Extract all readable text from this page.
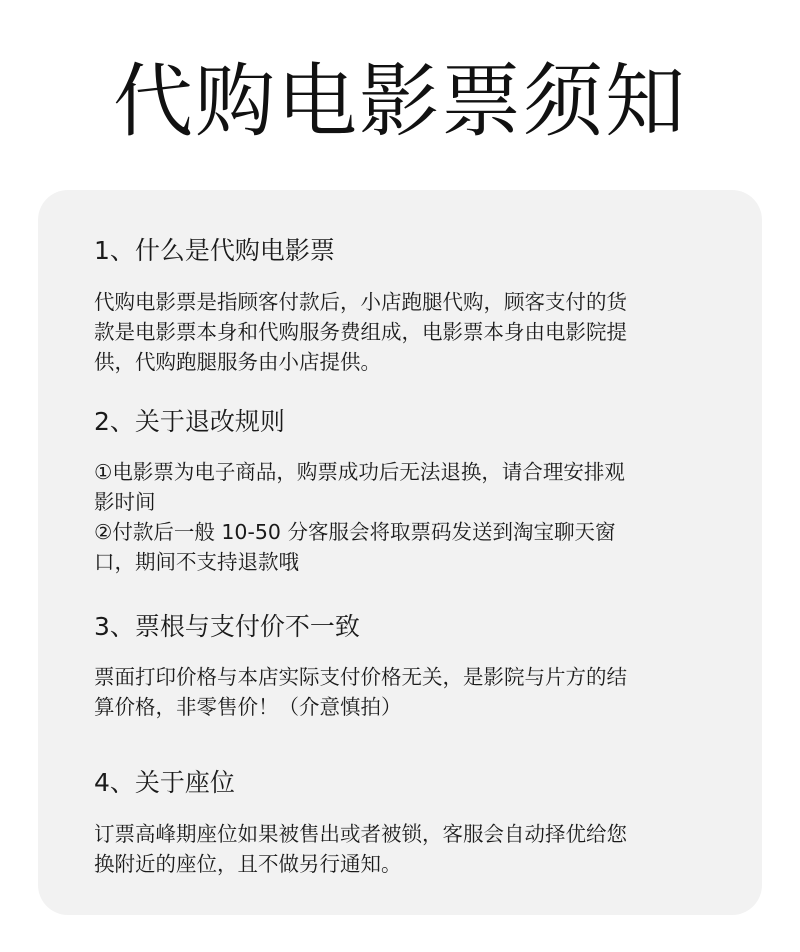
代购电影票须知
1、什么是代购电影票

代购电影票是指顾客付款后，小店跑腿代购，顾客支付的货
款是电影票本身和代购服务费组成，电影票本身由电影院提
供，代购跑腿服务由小店提供。

2、关于退改规则

①电影票为电子商品，购票成功后无法退换，请合理安排观
影时间
②付款后一般 10-50 分客服会将取票码发送到淘宝聊天窗
口，期间不支持退款哦

3、票根与支付价不一致

票面打印价格与本店实际支付价格无关，是影院与片方的结
算价格，非零售价！（介意慎拍）

4、关于座位

订票高峰期座位如果被售出或者被锁，客服会自动择优给您
换附近的座位，且不做另行通知。
